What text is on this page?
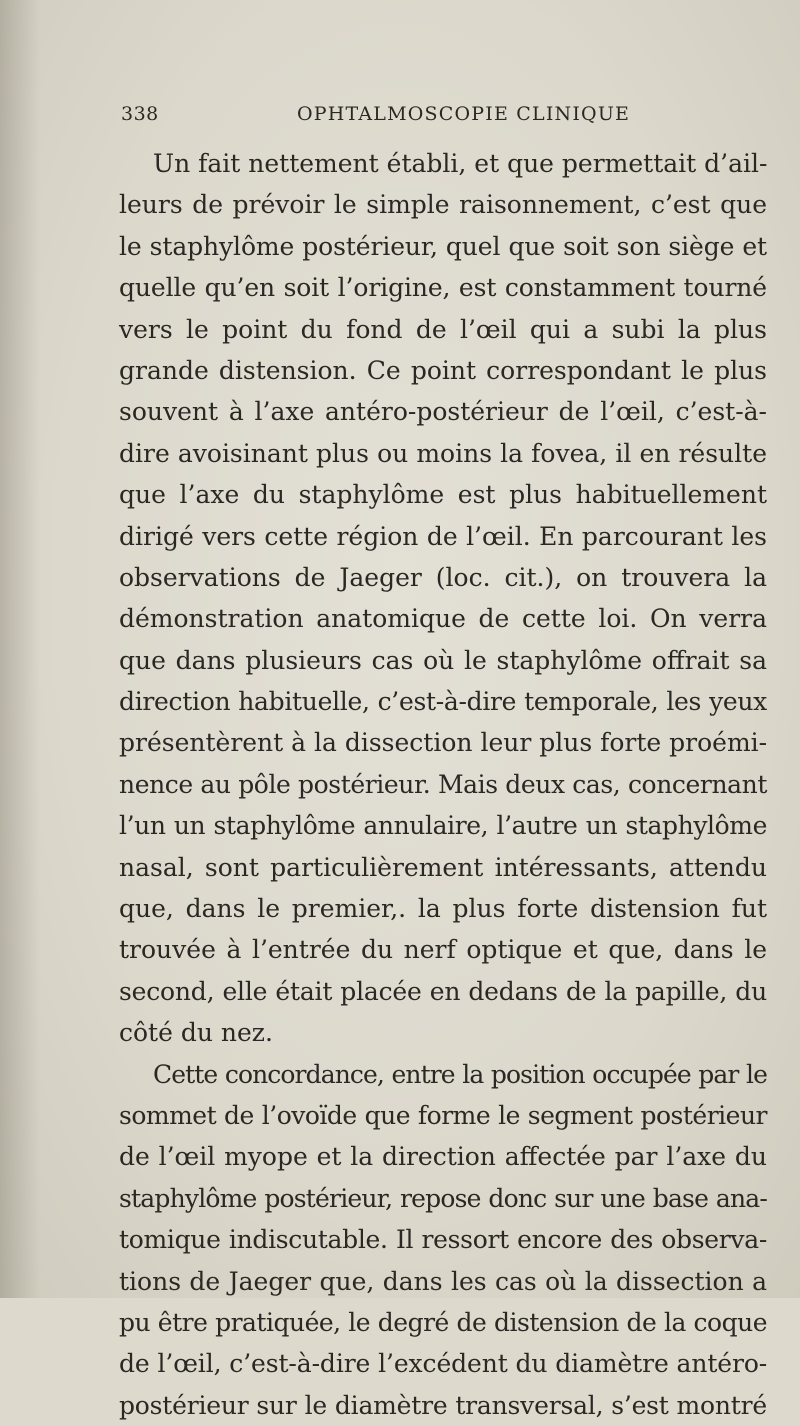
338	OPHTALMOSCOPIE CLINIQUE
Un fait nettement établi, et que permettait d’ail-
leurs de prévoir le simple raisonnement, c’est que
le staphylôme postérieur, quel que soit son siège et
quelle qu’en soit l’origine, est constamment tourné
vers le point du fond de l’œil qui a subi la plus
grande distension. Ce point correspondant le plus
souvent à l’axe antéro-postérieur de l’œil, c’est-à-
dire avoisinant plus ou moins la fovea, il en résulte
que l’axe du staphylôme est plus habituellement
dirigé vers cette région de l’œil. En parcourant les
observations de Jaeger (loc. cit.), on trouvera la
démonstration anatomique de cette loi. On verra
que dans plusieurs cas où le staphylôme offrait sa
direction habituelle, c’est-à-dire temporale, les yeux
présentèrent à la dissection leur plus forte proémi-
nence au pôle postérieur. Mais deux cas, concernant
l’un un staphylôme annulaire, l’autre un staphylôme
nasal, sont particulièrement intéressants, attendu
que, dans le premier,. la plus forte distension fut
trouvée à l’entrée du nerf optique et que, dans le
second, elle était placée en dedans de la papille, du
côté du nez.
Cette concordance, entre la position occupée par le
sommet de l’ovoïde que forme le segment postérieur
de l’œil myope et la direction affectée par l’axe du
staphylôme postérieur, repose donc sur une base ana-
tomique indiscutable. Il ressort encore des observa-
tions de Jaeger que, dans les cas où la dissection a
pu être pratiquée, le degré de distension de la coque
de l’œil, c’est-à-dire l’excédent du diamètre antéro-
postérieur sur le diamètre transversal, s’est montré
